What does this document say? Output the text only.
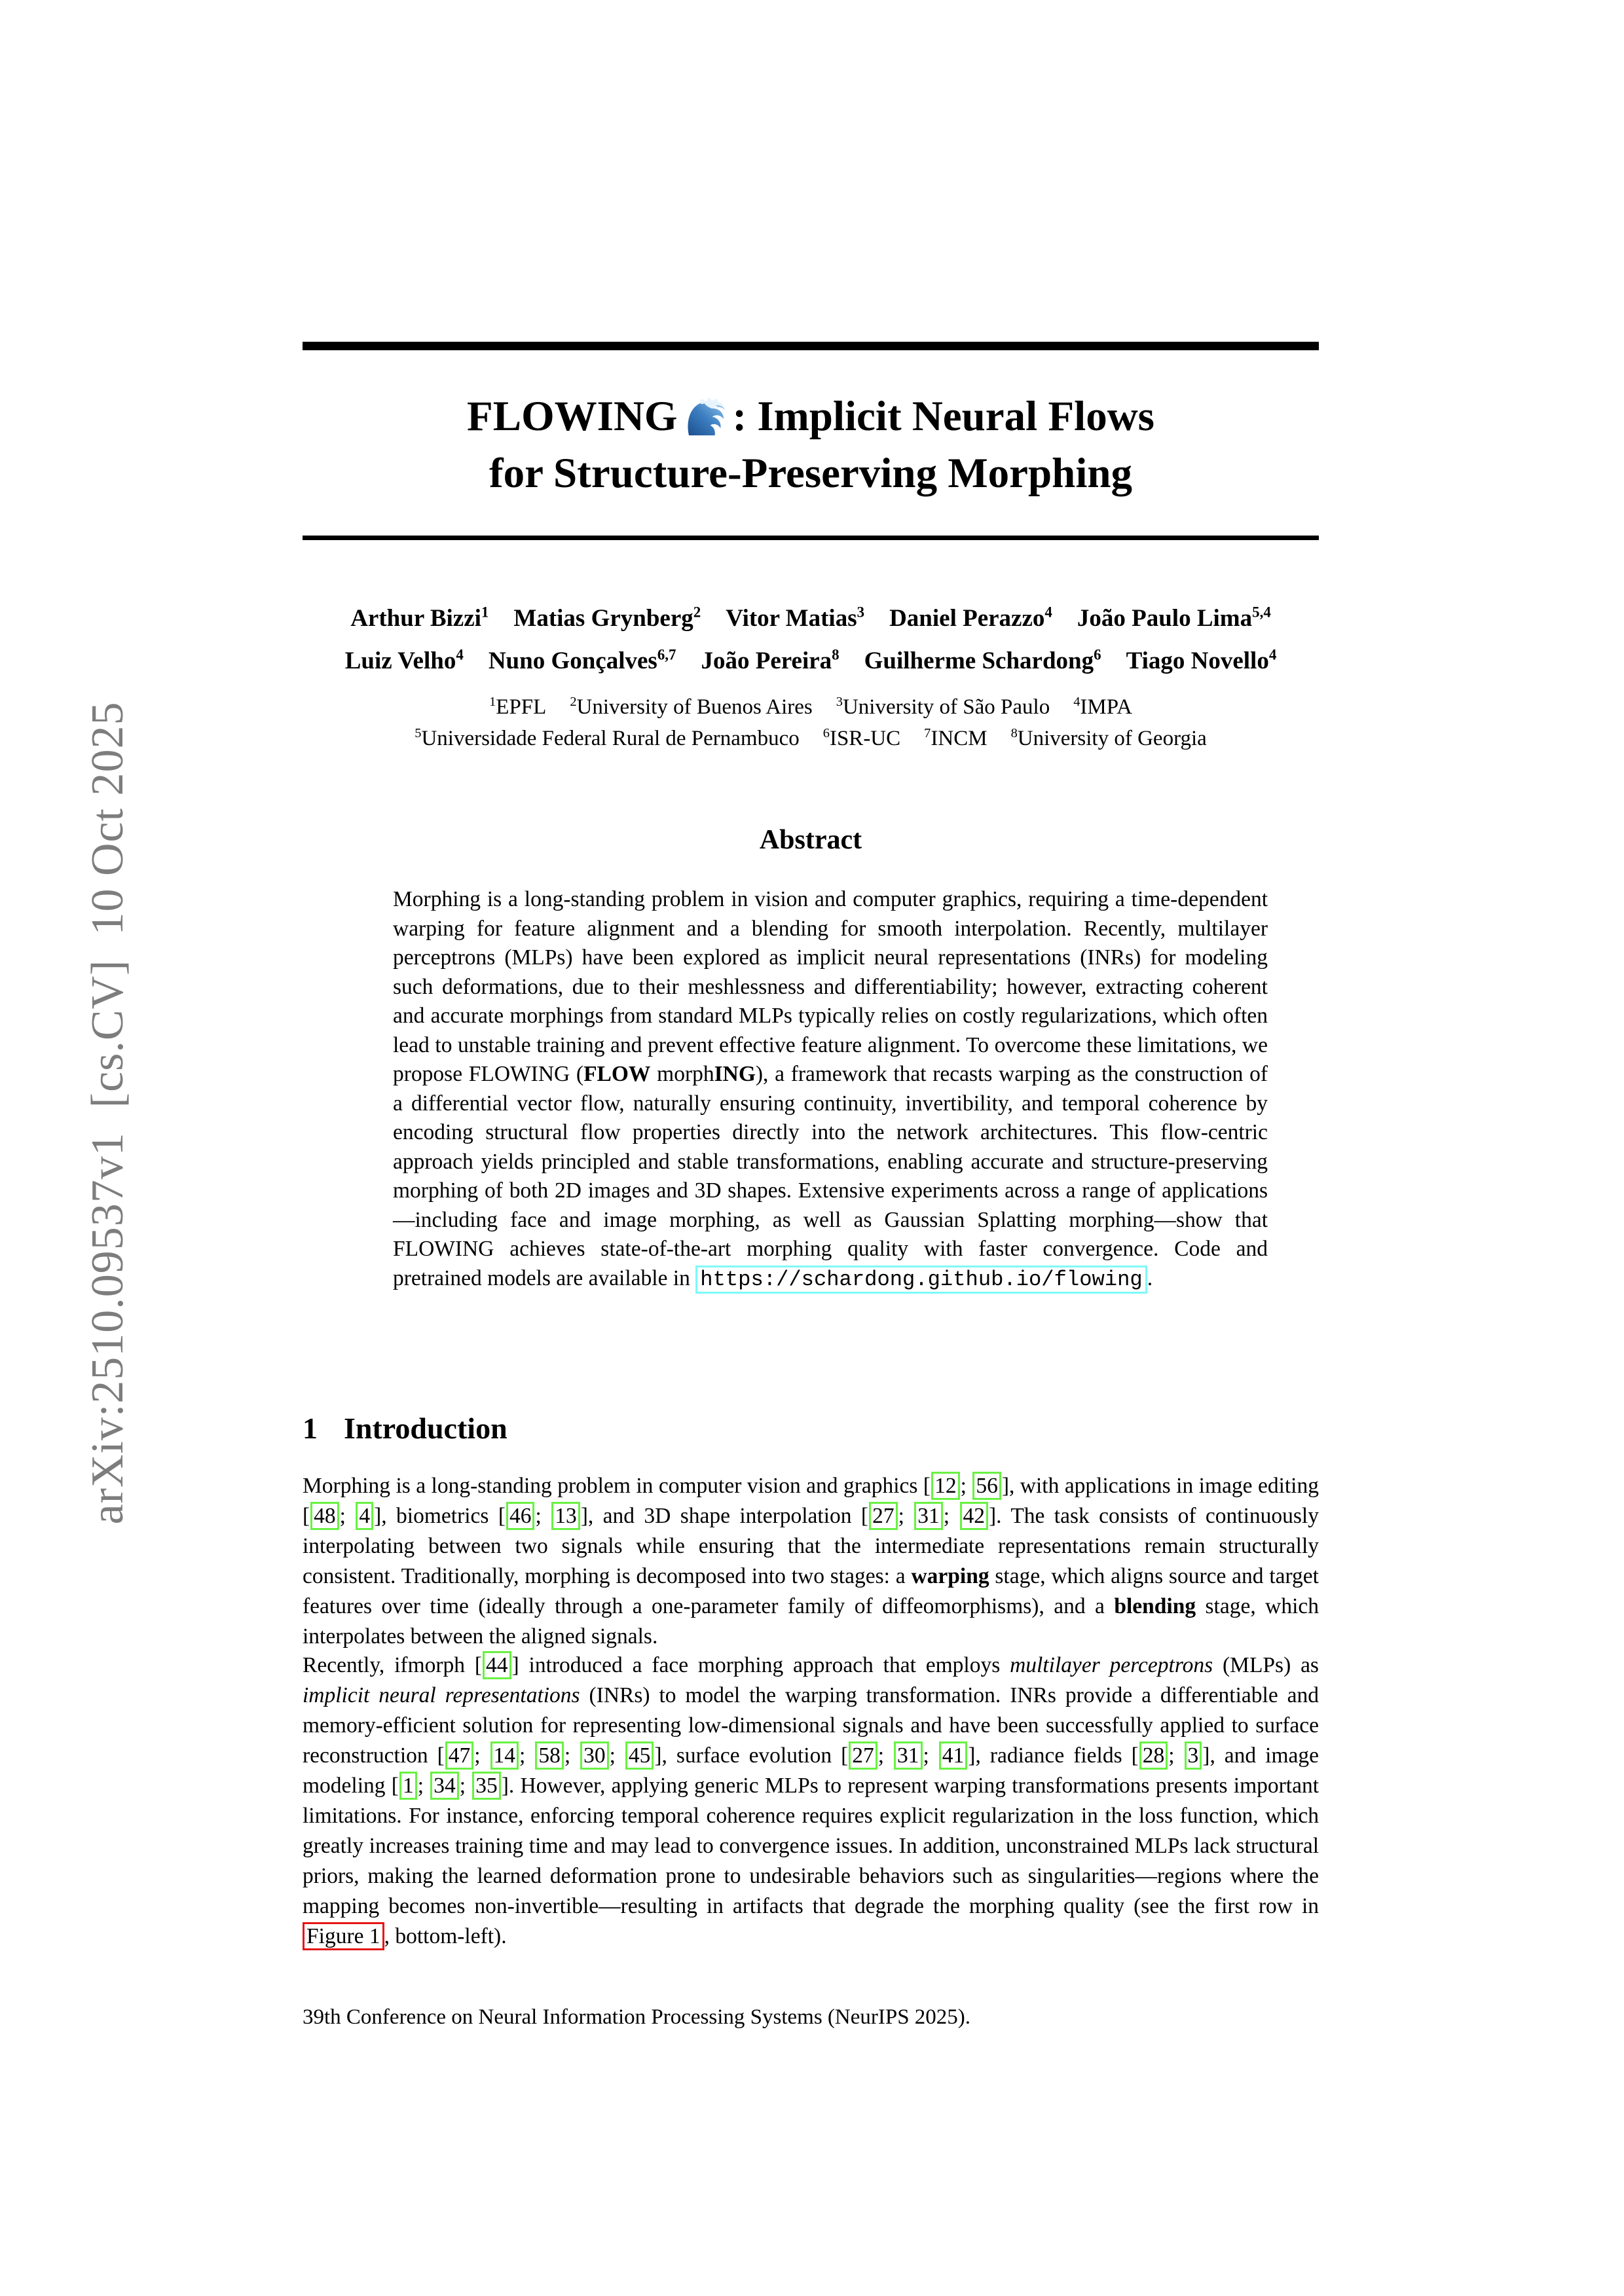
arXiv:2510.09537v1  [cs.CV]  10 Oct 2025
FLOWING : Implicit Neural Flows
for Structure-Preserving Morphing
Arthur Bizzi$^1$ Matias Grynberg$^2$ Vitor Matias$^3$ Daniel Perazzo$^4$ João Paulo Lima$^{5,4}$
Luiz Velho$^4$ Nuno Gonçalves$^{6,7}$ João Pereira$^8$ Guilherme Schardong$^6$ Tiago Novello$^4$
$^1$EPFL $^2$University of Buenos Aires $^3$University of São Paulo $^4$IMPA
$^5$Universidade Federal Rural de Pernambuco $^6$ISR-UC $^7$INCM $^8$University of Georgia
Abstract
Morphing is a long-standing problem in vision and computer graphics, requiring a time-dependent warping for feature alignment and a blending for smooth interpolation. Recently, multilayer perceptrons (MLPs) have been explored as implicit neural representations (INRs) for modeling such deformations, due to their meshlessness and differentiability; however, extracting coherent and accurate morphings from standard MLPs typically relies on costly regularizations, which often lead to unstable training and prevent effective feature alignment. To overcome these limitations, we propose FLOWING (FLOW morphING), a framework that recasts warping as the construction of a differential vector flow, naturally ensuring continuity, invertibility, and temporal coherence by encoding structural flow properties directly into the network architectures. This flow-centric approach yields principled and stable transformations, enabling accurate and structure-preserving morphing of both 2D images and 3D shapes. Extensive experiments across a range of applications—including face and image morphing, as well as Gaussian Splatting morphing—show that FLOWING achieves state-of-the-art morphing quality with faster convergence. Code and pretrained models are available in https://schardong.github.io/flowing .
1 Introduction
Morphing is a long-standing problem in computer vision and graphics [ 12 ; 56 ], with applications in image editing [ 48 ; 4 ], biometrics [ 46 ; 13 ], and 3D shape interpolation [ 27 ; 31 ; 42 ]. The task consists of continuously interpolating between two signals while ensuring that the intermediate representations remain structurally consistent. Traditionally, morphing is decomposed into two stages: a warping stage, which aligns source and target features over time (ideally through a one-parameter family of diffeomorphisms), and a blending stage, which interpolates between the aligned signals.
Recently, ifmorph [ 44 ] introduced a face morphing approach that employs multilayer perceptrons (MLPs) as implicit neural representations (INRs) to model the warping transformation. INRs provide a differentiable and memory-efficient solution for representing low-dimensional signals and have been successfully applied to surface reconstruction [ 47 ; 14 ; 58 ; 30 ; 45 ], surface evolution [ 27 ; 31 ; 41 ], radiance fields [ 28 ; 3 ], and image modeling [ 1 ; 34 ; 35 ]. However, applying generic MLPs to represent warping transformations presents important limitations. For instance, enforcing temporal coherence requires explicit regularization in the loss function, which greatly increases training time and may lead to convergence issues. In addition, unconstrained MLPs lack structural priors, making the learned deformation prone to undesirable behaviors such as singularities—regions where the mapping becomes non-invertible—resulting in artifacts that degrade the morphing quality (see the first row in Figure 1 , bottom-left).
39th Conference on Neural Information Processing Systems (NeurIPS 2025).
